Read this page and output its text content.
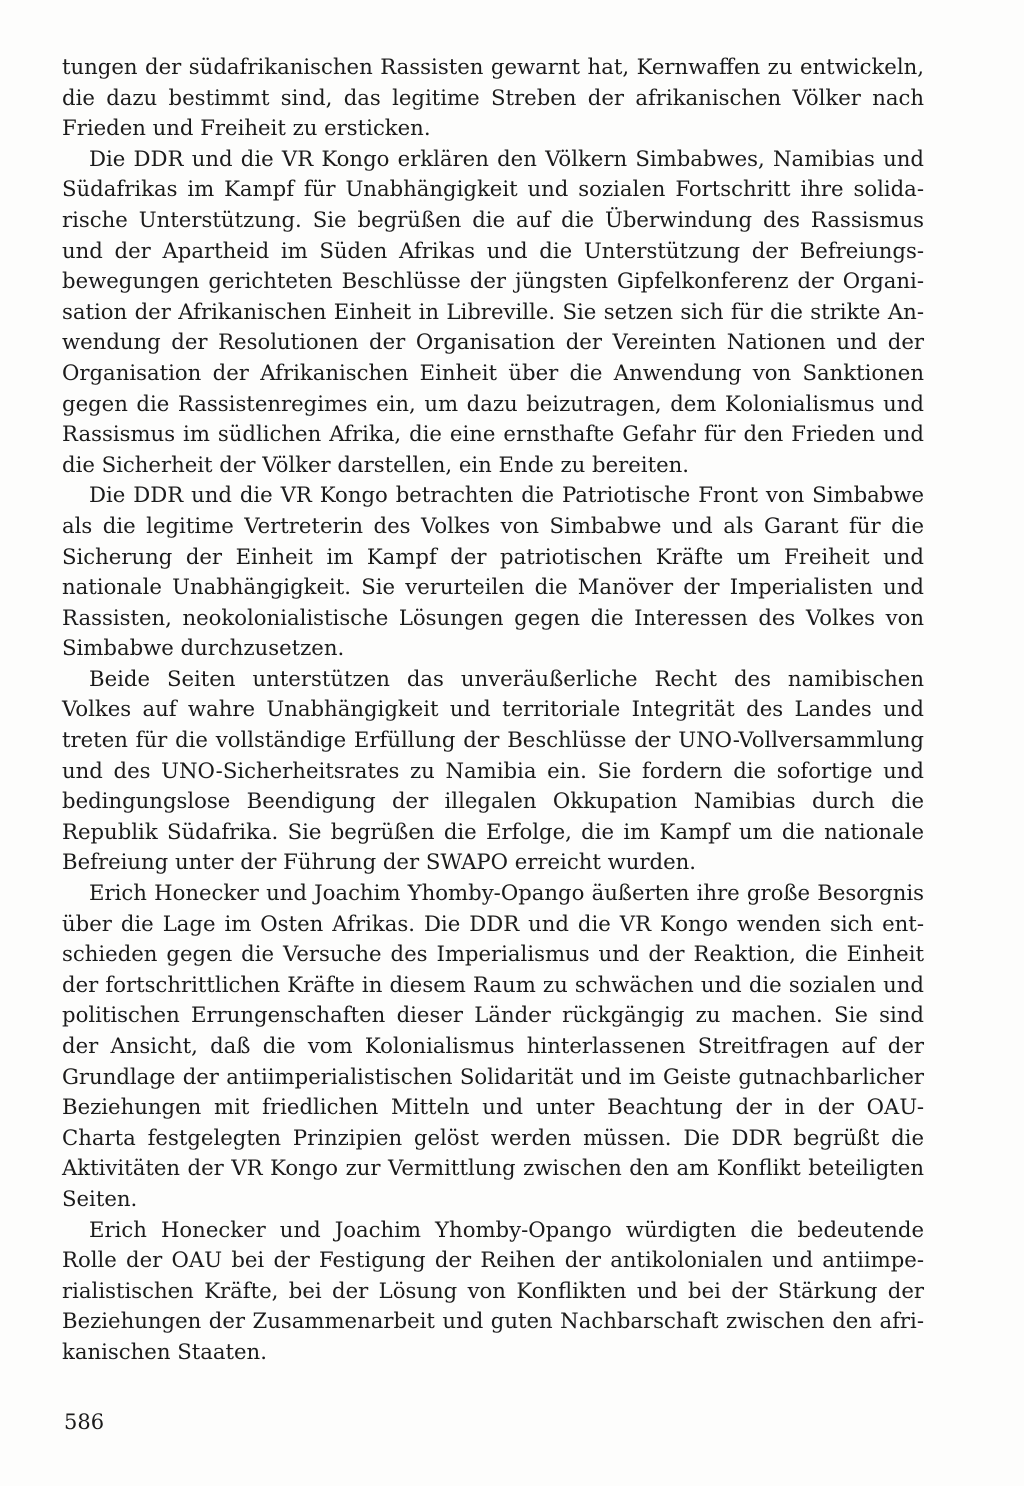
tungen der südafrikanischen Rassisten gewarnt hat, Kernwaffen zu entwickeln, die dazu bestimmt sind, das legitime Streben der afrikanischen Völker nach Frieden und Freiheit zu ersticken.

Die DDR und die VR Kongo erklären den Völkern Simbabwes, Namibias und Südafrikas im Kampf für Unabhängigkeit und sozialen Fortschritt ihre solidarische Unterstützung. Sie begrüßen die auf die Überwindung des Rassismus und der Apartheid im Süden Afrikas und die Unterstützung der Befreiungsbewegungen gerichteten Beschlüsse der jüngsten Gipfelkonferenz der Organisation der Afrikanischen Einheit in Libreville. Sie setzen sich für die strikte Anwendung der Resolutionen der Organisation der Vereinten Nationen und der Organisation der Afrikanischen Einheit über die Anwendung von Sanktionen gegen die Rassistenregimes ein, um dazu beizutragen, dem Kolonialismus und Rassismus im südlichen Afrika, die eine ernsthafte Gefahr für den Frieden und die Sicherheit der Völker darstellen, ein Ende zu bereiten.

Die DDR und die VR Kongo betrachten die Patriotische Front von Simbabwe als die legitime Vertreterin des Volkes von Simbabwe und als Garant für die Sicherung der Einheit im Kampf der patriotischen Kräfte um Freiheit und nationale Unabhängigkeit. Sie verurteilen die Manöver der Imperialisten und Rassisten, neokolonialistische Lösungen gegen die Interessen des Volkes von Simbabwe durchzusetzen.

Beide Seiten unterstützen das unveräußerliche Recht des namibischen Volkes auf wahre Unabhängigkeit und territoriale Integrität des Landes und treten für die vollständige Erfüllung der Beschlüsse der UNO-Vollversammlung und des UNO-Sicherheitsrates zu Namibia ein. Sie fordern die sofortige und bedingungslose Beendigung der illegalen Okkupation Namibias durch die Republik Südafrika. Sie begrüßen die Erfolge, die im Kampf um die nationale Befreiung unter der Führung der SWAPO erreicht wurden.

Erich Honecker und Joachim Yhomby-Opango äußerten ihre große Besorgnis über die Lage im Osten Afrikas. Die DDR und die VR Kongo wenden sich entschieden gegen die Versuche des Imperialismus und der Reaktion, die Einheit der fortschrittlichen Kräfte in diesem Raum zu schwächen und die sozialen und politischen Errungenschaften dieser Länder rückgängig zu machen. Sie sind der Ansicht, daß die vom Kolonialismus hinterlassenen Streitfragen auf der Grundlage der antiimperialistischen Solidarität und im Geiste gutnachbarlicher Beziehungen mit friedlichen Mitteln und unter Beachtung der in der OAU-Charta festgelegten Prinzipien gelöst werden müssen. Die DDR begrüßt die Aktivitäten der VR Kongo zur Vermittlung zwischen den am Konflikt beteiligten Seiten.

Erich Honecker und Joachim Yhomby-Opango würdigten die bedeutende Rolle der OAU bei der Festigung der Reihen der antikolonialen und antiimperialistischen Kräfte, bei der Lösung von Konflikten und bei der Stärkung der Beziehungen der Zusammenarbeit und guten Nachbarschaft zwischen den afrikanischen Staaten.

586
